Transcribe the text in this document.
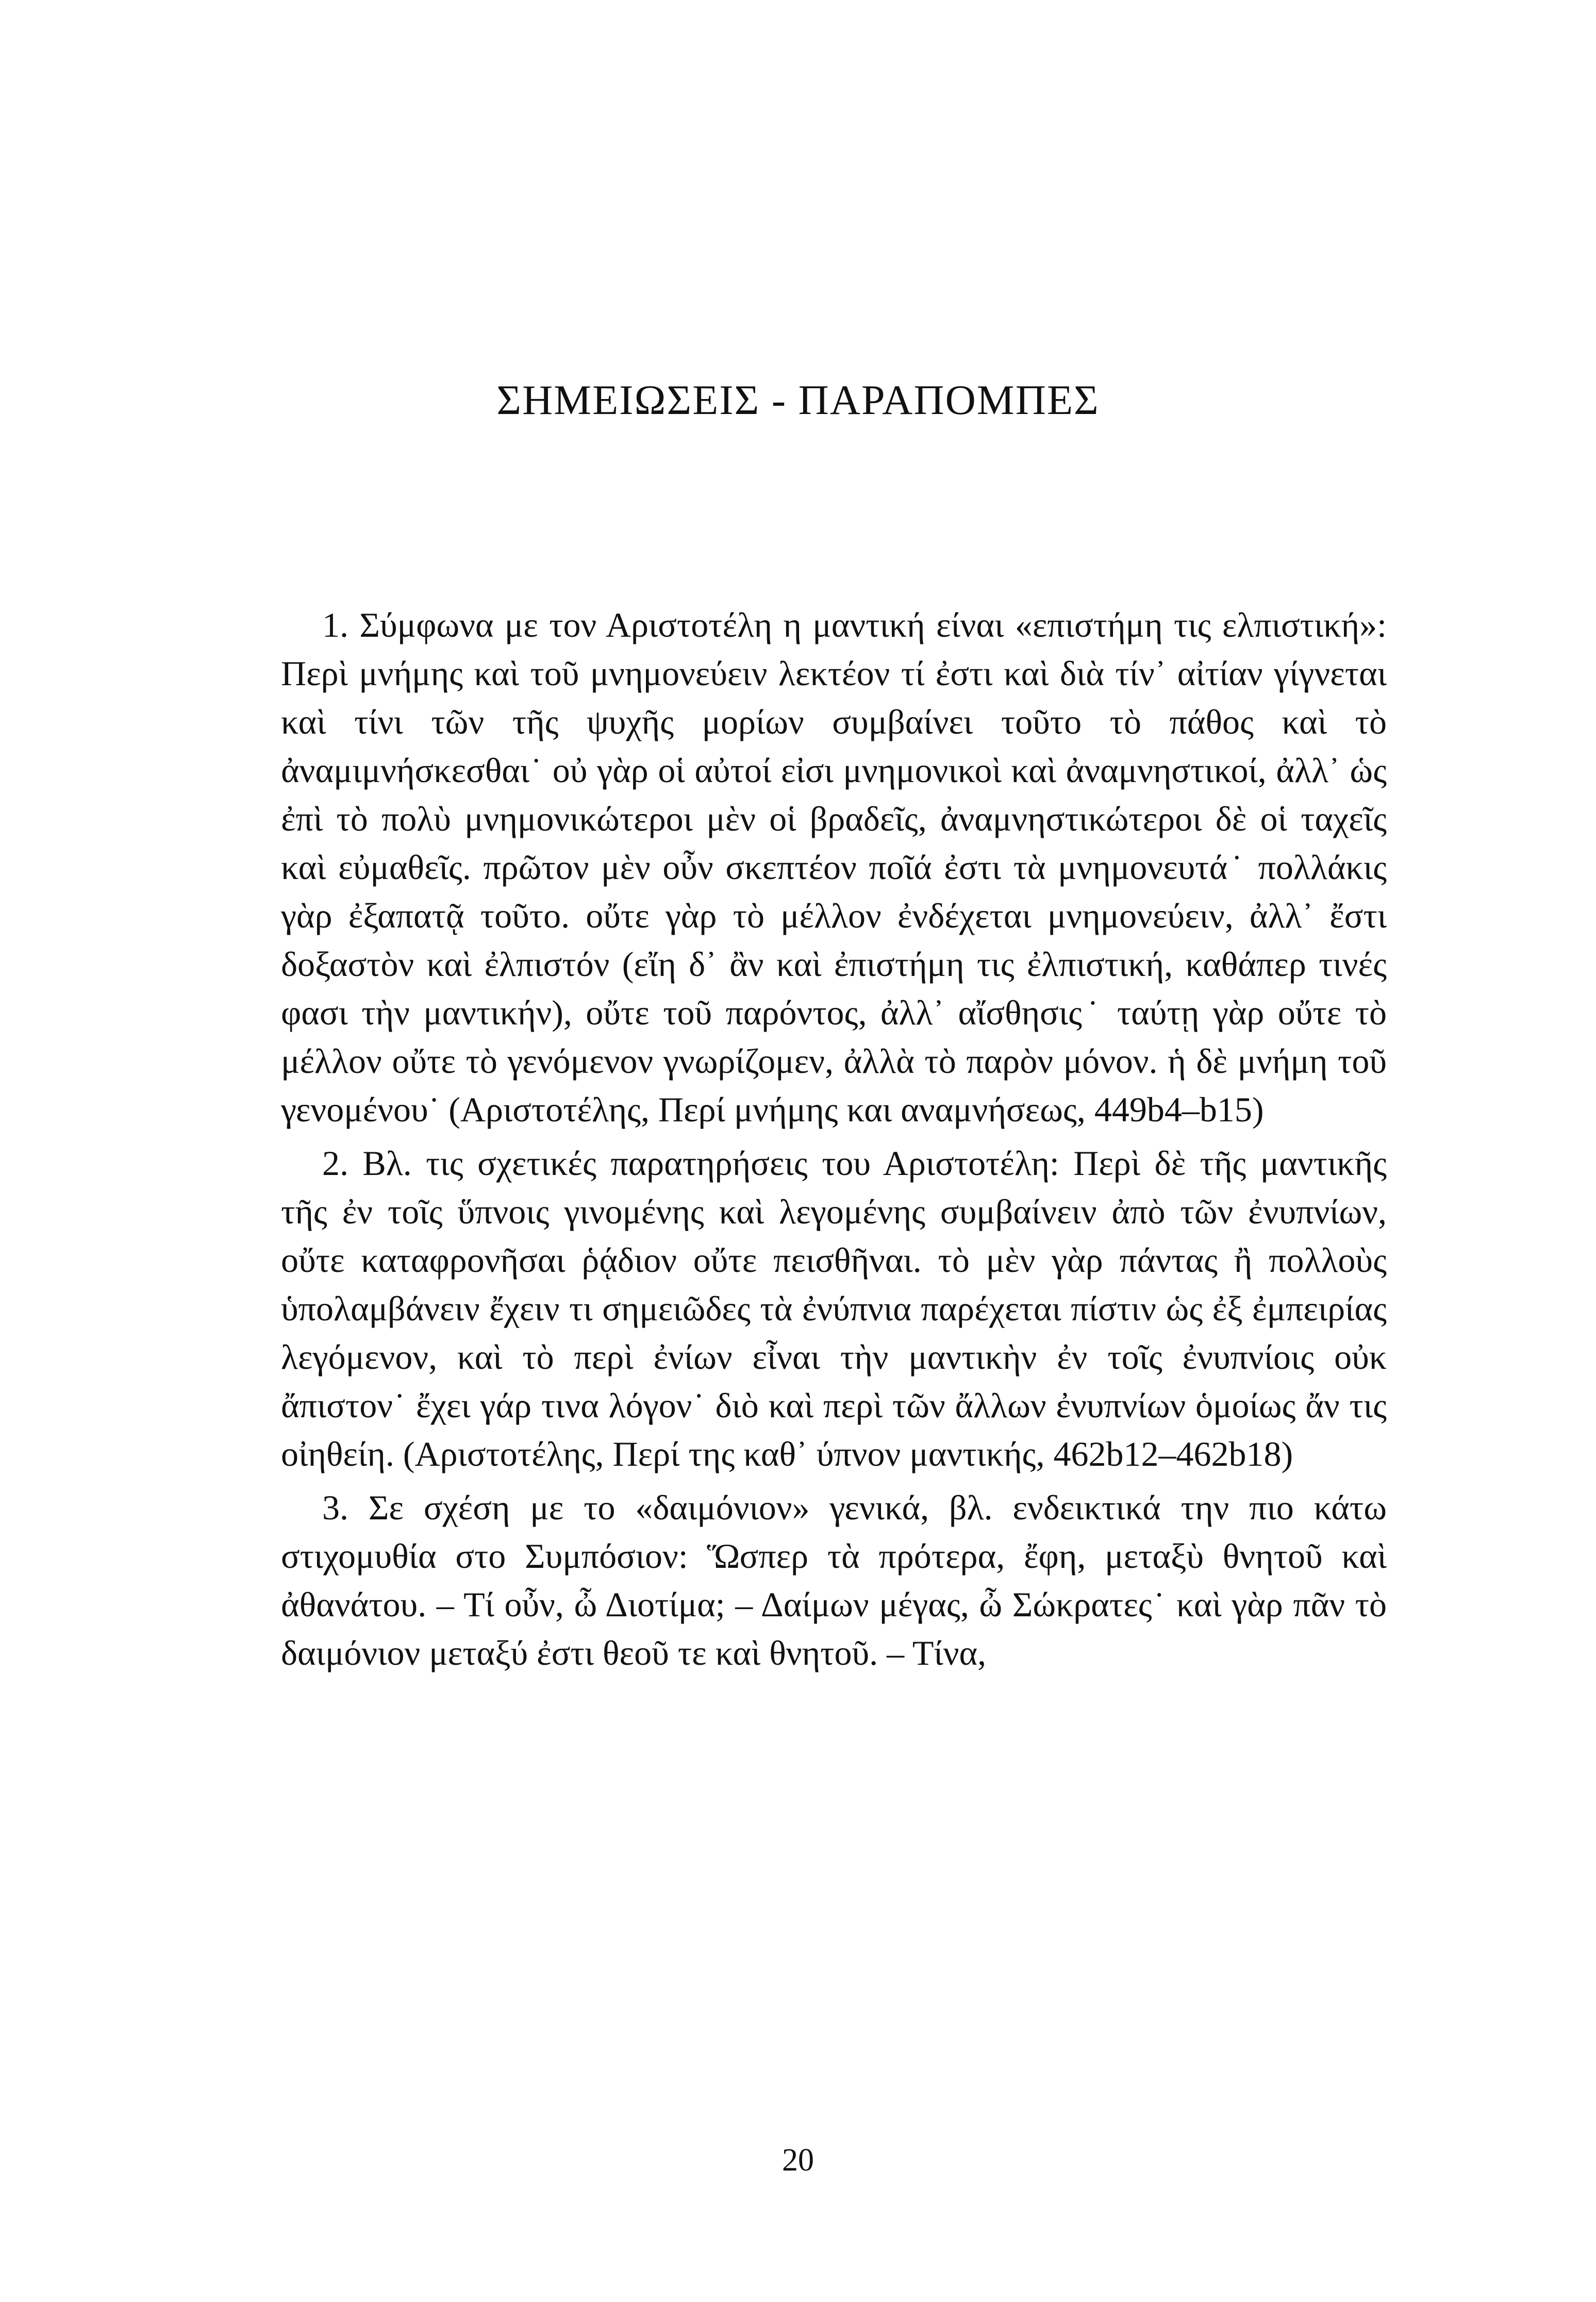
ΣΗΜΕΙΩΣΕΙΣ - ΠΑΡΑΠΟΜΠΕΣ

1. Σύμφωνα με τον Αριστοτέλη η μαντική είναι «επιστήμη τις ελπιστική»: Περὶ μνήμης καὶ τοῦ μνημονεύειν λεκτέον τί ἐστι καὶ διὰ τίν᾽ αἰτίαν γίγνεται καὶ τίνι τῶν τῆς ψυχῆς μορίων συμβαίνει τοῦτο τὸ πάθος καὶ τὸ ἀναμιμνήσκεσθαι˙ οὐ γὰρ οἱ αὐτοί εἰσι μνημονικοὶ καὶ ἀναμνηστικοί, ἀλλ᾽ ὡς ἐπὶ τὸ πολὺ μνημονικώτεροι μὲν οἱ βραδεῖς, ἀναμνηστικώτεροι δὲ οἱ ταχεῖς καὶ εὐμαθεῖς. πρῶτον μὲν οὖν σκεπτέον ποῖά ἐστι τὰ μνημονευτά˙ πολλάκις γὰρ ἐξαπατᾷ τοῦτο. οὔτε γὰρ τὸ μέλλον ἐνδέχεται μνημονεύειν, ἀλλ᾽ ἔστι δοξαστὸν καὶ ἐλπιστόν (εἴη δ᾽ ἂν καὶ ἐπιστήμη τις ἐλπιστική, καθάπερ τινές φασι τὴν μαντικήν), οὔτε τοῦ παρόντος, ἀλλ᾽ αἴσθησις˙ ταύτῃ γὰρ οὔτε τὸ μέλλον οὔτε τὸ γενόμενον γνωρίζομεν, ἀλλὰ τὸ παρὸν μόνον. ἡ δὲ μνήμη τοῦ γενομένου˙ (Αριστοτέλης, Περί μνήμης και αναμνήσεως, 449b4–b15)

2. Βλ. τις σχετικές παρατηρήσεις του Αριστοτέλη: Περὶ δὲ τῆς μαντικῆς τῆς ἐν τοῖς ὕπνοις γινομένης καὶ λεγομένης συμβαίνειν ἀπὸ τῶν ἐνυπνίων, οὔτε καταφρονῆσαι ῥᾴδιον οὔτε πεισθῆναι. τὸ μὲν γὰρ πάντας ἢ πολλοὺς ὑπολαμβάνειν ἔχειν τι σημειῶδες τὰ ἐνύπνια παρέχεται πίστιν ὡς ἐξ ἐμπειρίας λεγόμενον, καὶ τὸ περὶ ἐνίων εἶναι τὴν μαντικὴν ἐν τοῖς ἐνυπνίοις οὐκ ἄπιστον˙ ἔχει γάρ τινα λόγον˙ διὸ καὶ περὶ τῶν ἄλλων ἐνυπνίων ὁμοίως ἄν τις οἰηθείη. (Αριστοτέλης, Περί της καθ᾽ ύπνον μαντικής, 462b12–462b18)

3. Σε σχέση με το «δαιμόνιον» γενικά, βλ. ενδεικτικά την πιο κάτω στιχομυθία στο Συμπόσιον: Ὥσπερ τὰ πρότερα, ἔφη, μεταξὺ θνητοῦ καὶ ἀθανάτου. – Τί οὖν, ὦ Διοτίμα; – Δαίμων μέγας, ὦ Σώκρατες˙ καὶ γὰρ πᾶν τὸ δαιμόνιον μεταξύ ἐστι θεοῦ τε καὶ θνητοῦ. – Τίνα,

20
